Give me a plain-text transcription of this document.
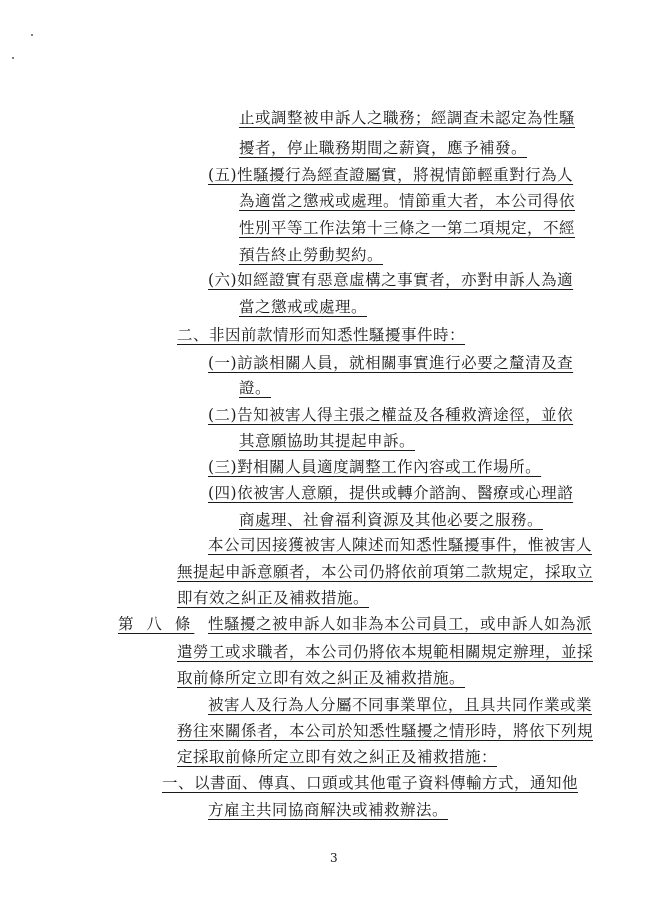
止或調整被申訴人之職務；經調查未認定為性騷
擾者，停止職務期間之薪資，應予補發。
(五)性騷擾行為經查證屬實，將視情節輕重對行為人
為適當之懲戒或處理。情節重大者，本公司得依
性別平等工作法第十三條之一第二項規定，不經
預告終止勞動契約。
(六)如經證實有惡意虛構之事實者，亦對申訴人為適
當之懲戒或處理。
二、非因前款情形而知悉性騷擾事件時：
(一)訪談相關人員，就相關事實進行必要之釐清及查
證。
(二)告知被害人得主張之權益及各種救濟途徑，並依
其意願協助其提起申訴。
(三)對相關人員適度調整工作內容或工作場所。
(四)依被害人意願，提供或轉介諮詢、醫療或心理諮
商處理、社會福利資源及其他必要之服務。
本公司因接獲被害人陳述而知悉性騷擾事件，惟被害人
無提起申訴意願者，本公司仍將依前項第二款規定，採取立
即有效之糾正及補救措施。
第 八 條 性騷擾之被申訴人如非為本公司員工，或申訴人如為派
遣勞工或求職者，本公司仍將依本規範相關規定辦理，並採
取前條所定立即有效之糾正及補救措施。
被害人及行為人分屬不同事業單位，且具共同作業或業
務往來關係者，本公司於知悉性騷擾之情形時，將依下列規
定採取前條所定立即有效之糾正及補救措施：
一、以書面、傳真、口頭或其他電子資料傳輸方式，通知他
方雇主共同協商解決或補救辦法。
3
